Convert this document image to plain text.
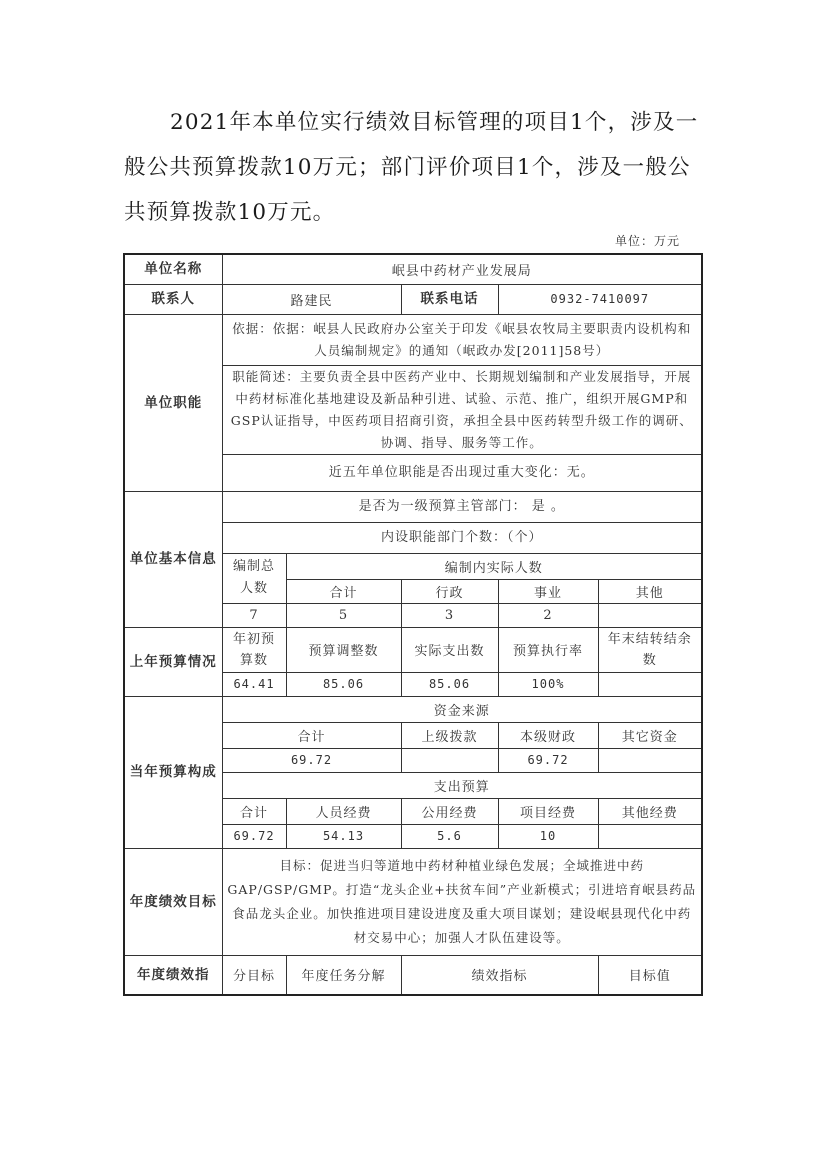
2021年本单位实行绩效目标管理的项目1个，涉及一般公共预算拨款10万元；部门评价项目1个，涉及一般公共预算拨款10万元。

单位：万元
单位名称	岷县中药材产业发展局				
联系人	路建民		联系电话	0932-7410097	
单位职能	依据：依据：岷县人民政府办公室关于印发《岷县农牧局主要职责内设机构和人员编制规定》的通知（岷政办发[2011]58号）				
	职能简述：主要负责全县中医药产业中、长期规划编制和产业发展指导，开展中药材标准化基地建设及新品种引进、试验、示范、推广，组织开展GMP和GSP认证指导，中医药项目招商引资，承担全县中医药转型升级工作的调研、协调、指导、服务等工作。				
	近五年单位职能是否出现过重大变化：无。				
单位基本信息	是否为一级预算主管部门： 是 。				
	内设职能部门个数：（个）				
	编制总人数	编制内实际人数			
		合计	行政	事业	其他
	7	5	3	2	
上年预算情况	年初预算数	预算调整数	实际支出数	预算执行率	年末结转结余数
	64.41	85.06	85.06	100%	
当年预算构成	资金来源				
	合计		上级拨款	本级财政	其它资金
	69.72			69.72	
	支出预算				
	合计	人员经费	公用经费	项目经费	其他经费
	69.72	54.13	5.6	10	
年度绩效目标	目标：促进当归等道地中药材种植业绿色发展；全域推进中药GAP/GSP/GMP。打造“龙头企业+扶贫车间”产业新模式；引进培育岷县药品食品龙头企业。加快推进项目建设进度及重大项目谋划；建设岷县现代化中药材交易中心；加强人才队伍建设等。				
年度绩效指	分目标	年度任务分解	绩效指标		目标值
